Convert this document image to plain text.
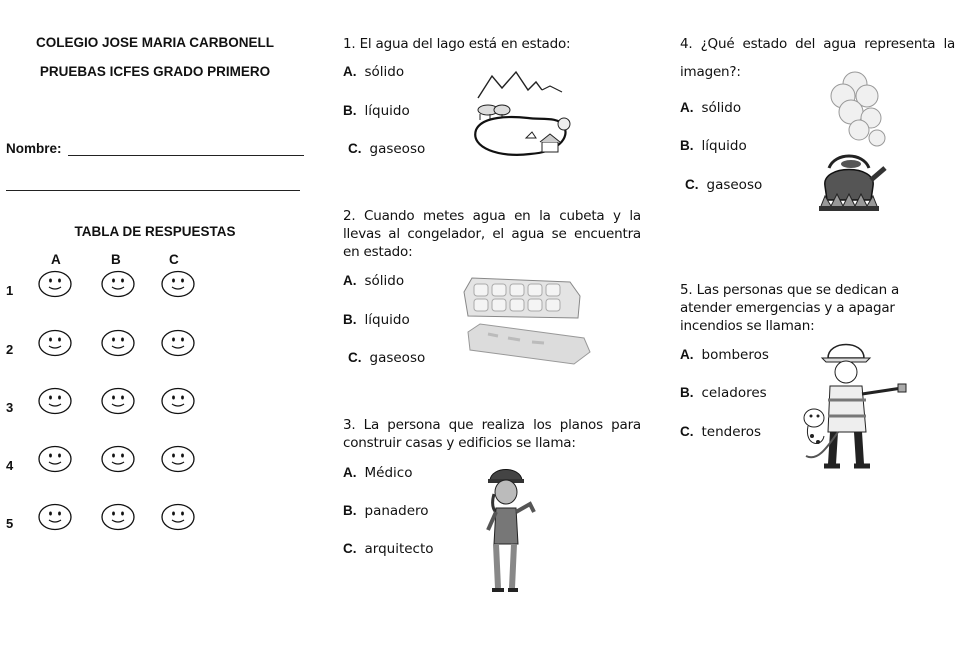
COLEGIO JOSE MARIA CARBONELL
PRUEBAS ICFES GRADO PRIMERO
Nombre:
TABLA DE RESPUESTAS
A	B	C
1
2
3
4
5
1. El agua del lago está en estado:
A. sólido
B. líquido
C. gaseoso
2. Cuando metes agua en la cubeta y la llevas al congelador, el agua se encuentra en estado:
A. sólido
B. líquido
C. gaseoso
3. La persona que realiza los planos para construir casas y edificios se llama:
A. Médico
B. panadero
C. arquitecto
4. ¿Qué estado del agua representa la
imagen?:
A. sólido
B. líquido
C. gaseoso
5. Las personas que se dedican a atender emergencias y a apagar incendios se llaman:
A. bomberos
B. celadores
C. tenderos
